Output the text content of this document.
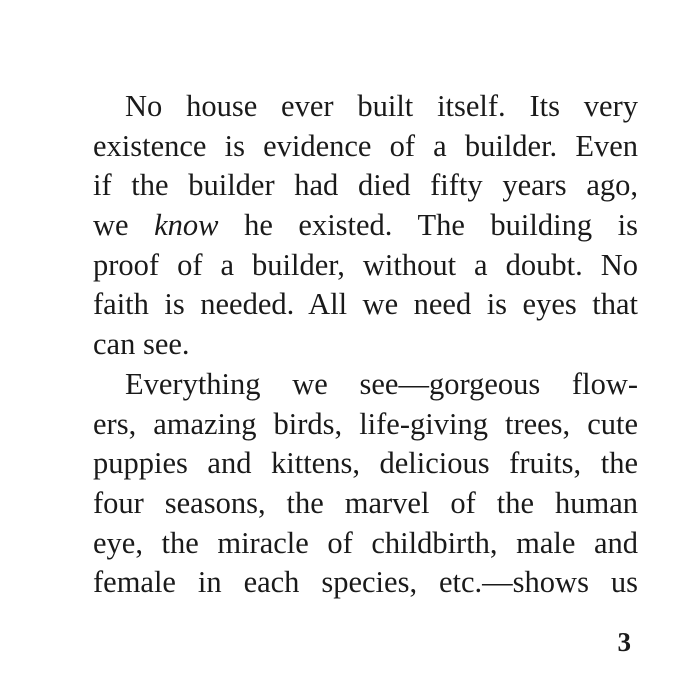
No house ever built itself. Its very
existence is evidence of a builder. Even
if the builder had died fifty years ago,
we know he existed. The building is
proof of a builder, without a doubt. No
faith is needed. All we need is eyes that
can see.
Everything we see—gorgeous flow-
ers, amazing birds, life-giving trees, cute
puppies and kittens, delicious fruits, the
four seasons, the marvel of the human
eye, the miracle of childbirth, male and
female in each species, etc.—shows us
3
